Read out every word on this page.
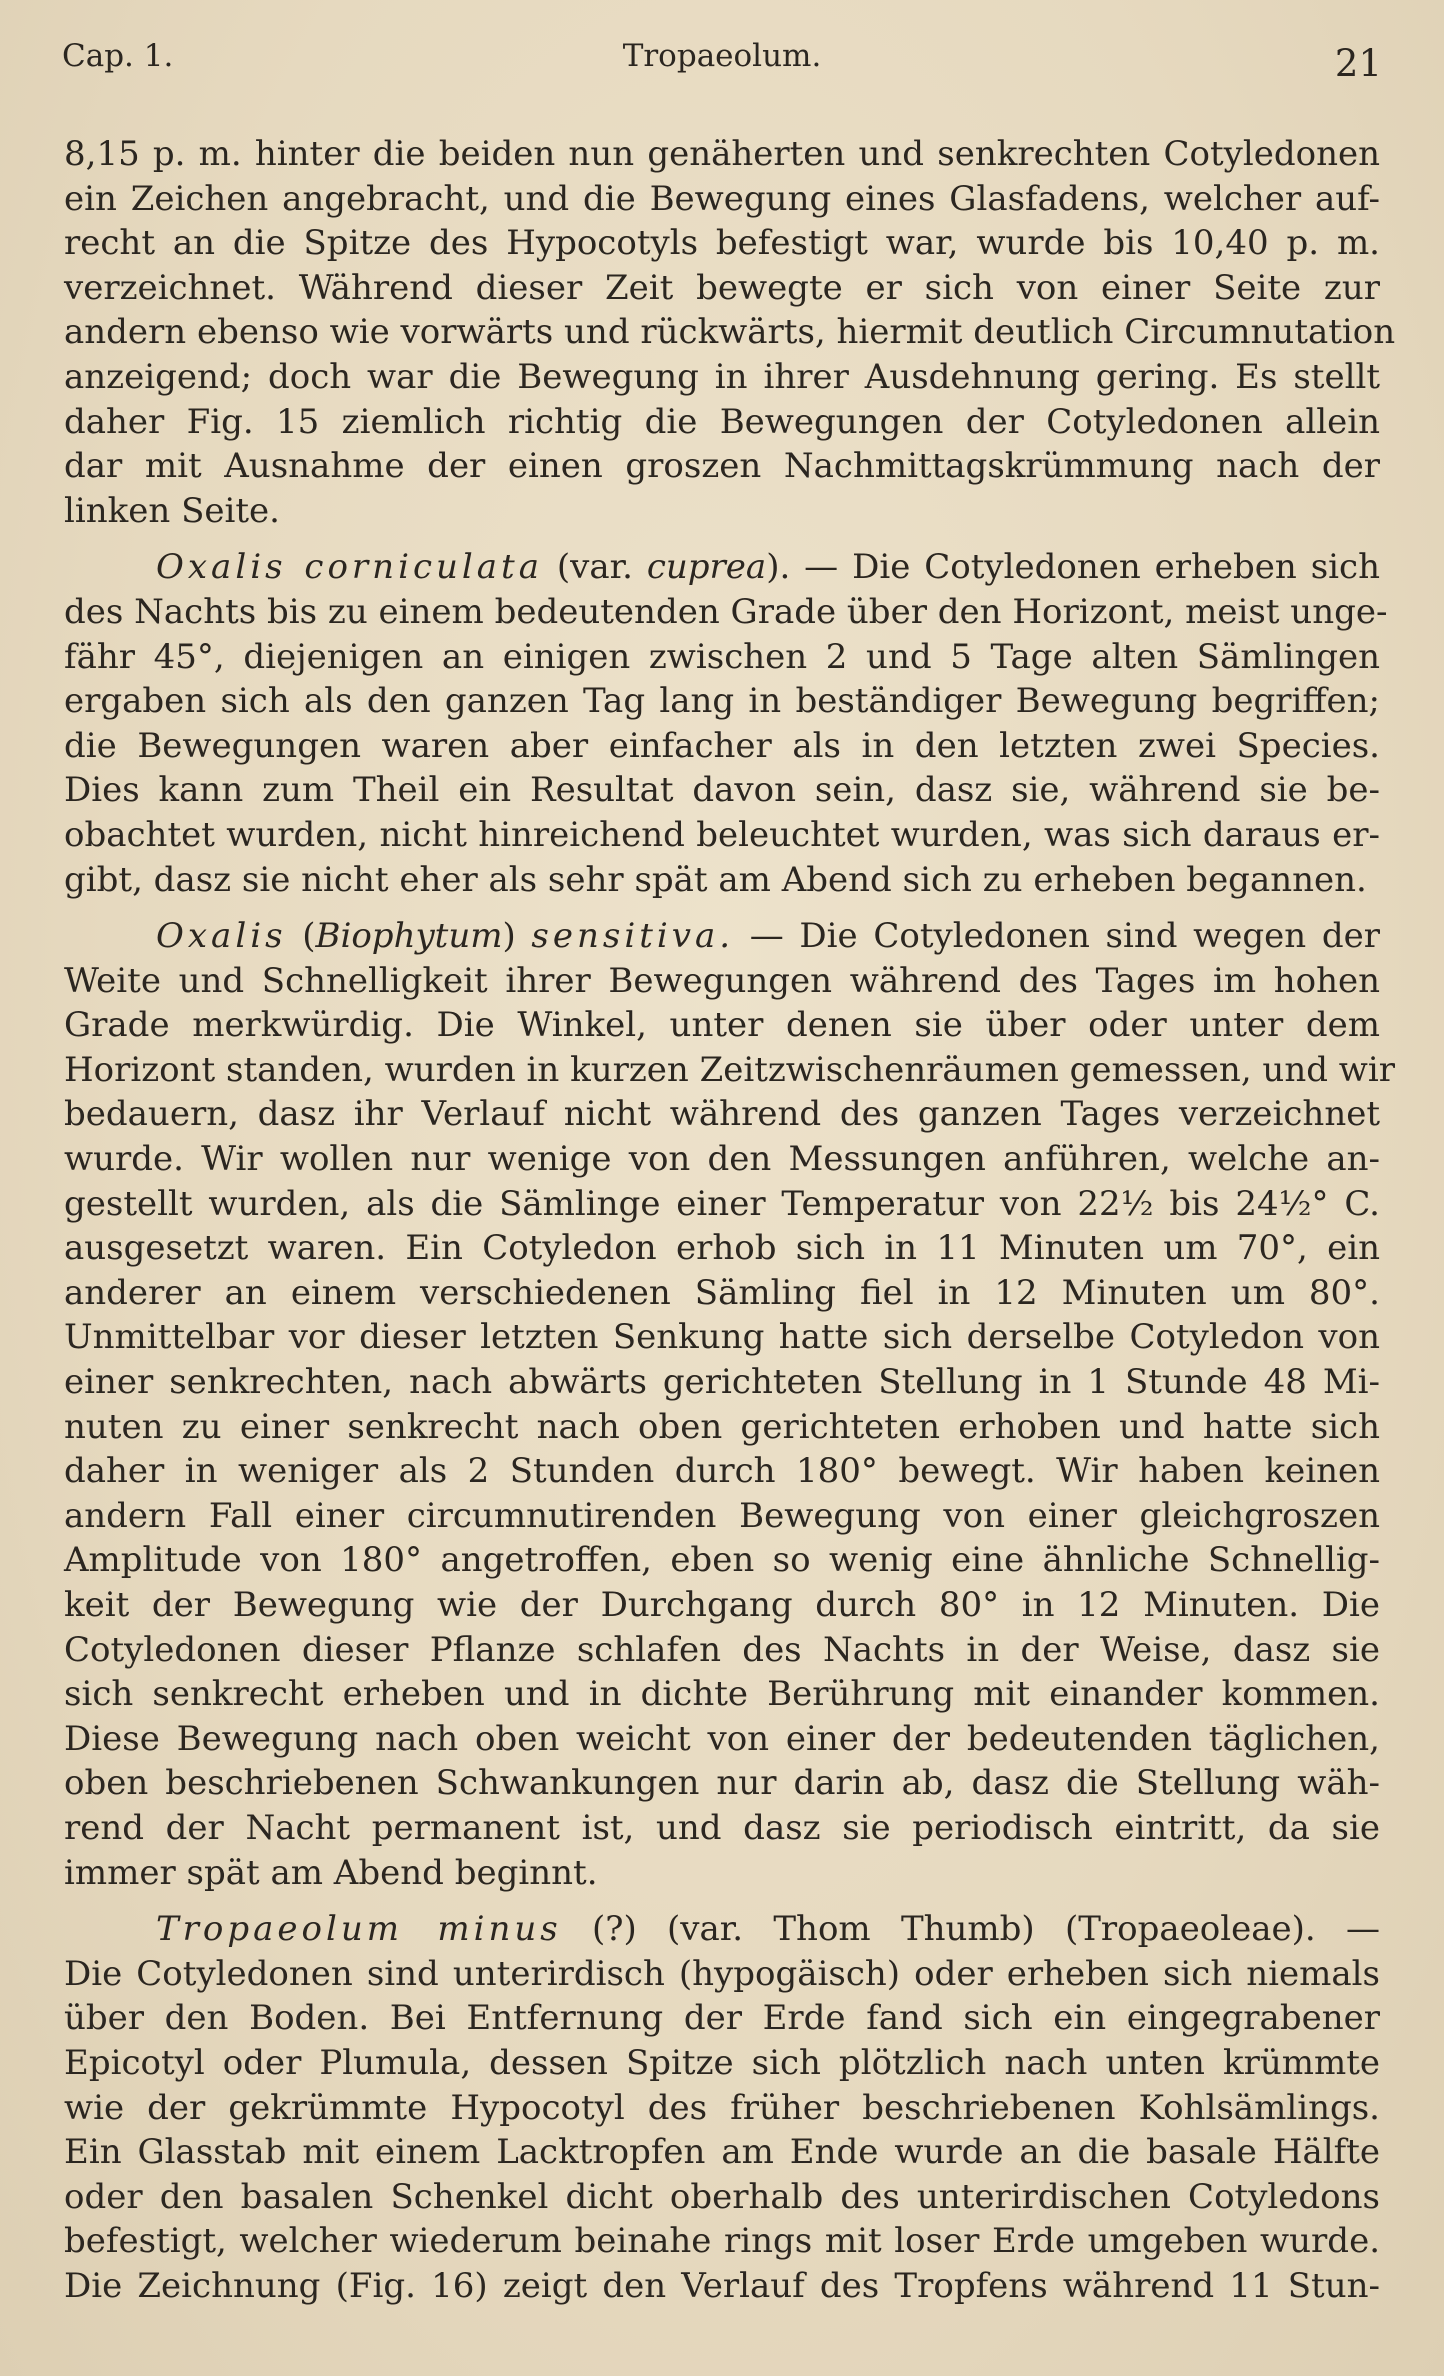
Cap. 1.	Tropaeolum.	21
8,15 p. m. hinter die beiden nun genäherten und senkrechten Cotyledonen
ein Zeichen angebracht, und die Bewegung eines Glasfadens, welcher auf-
recht an die Spitze des Hypocotyls befestigt war, wurde bis 10,40 p. m.
verzeichnet. Während dieser Zeit bewegte er sich von einer Seite zur
andern ebenso wie vorwärts und rückwärts, hiermit deutlich Circumnutation
anzeigend; doch war die Bewegung in ihrer Ausdehnung gering. Es stellt
daher Fig. 15 ziemlich richtig die Bewegungen der Cotyledonen allein
dar mit Ausnahme der einen groszen Nachmittagskrümmung nach der
linken Seite.
Oxalis corniculata (var. cuprea). — Die Cotyledonen erheben sich
des Nachts bis zu einem bedeutenden Grade über den Horizont, meist unge-
fähr 45°, diejenigen an einigen zwischen 2 und 5 Tage alten Sämlingen
ergaben sich als den ganzen Tag lang in beständiger Bewegung begriffen;
die Bewegungen waren aber einfacher als in den letzten zwei Species.
Dies kann zum Theil ein Resultat davon sein, dasz sie, während sie be-
obachtet wurden, nicht hinreichend beleuchtet wurden, was sich daraus er-
gibt, dasz sie nicht eher als sehr spät am Abend sich zu erheben begannen.
Oxalis (Biophytum) sensitiva. — Die Cotyledonen sind wegen der
Weite und Schnelligkeit ihrer Bewegungen während des Tages im hohen
Grade merkwürdig. Die Winkel, unter denen sie über oder unter dem
Horizont standen, wurden in kurzen Zeitzwischenräumen gemessen, und wir
bedauern, dasz ihr Verlauf nicht während des ganzen Tages verzeichnet
wurde. Wir wollen nur wenige von den Messungen anführen, welche an-
gestellt wurden, als die Sämlinge einer Temperatur von 22½ bis 24½° C.
ausgesetzt waren. Ein Cotyledon erhob sich in 11 Minuten um 70°, ein
anderer an einem verschiedenen Sämling fiel in 12 Minuten um 80°.
Unmittelbar vor dieser letzten Senkung hatte sich derselbe Cotyledon von
einer senkrechten, nach abwärts gerichteten Stellung in 1 Stunde 48 Mi-
nuten zu einer senkrecht nach oben gerichteten erhoben und hatte sich
daher in weniger als 2 Stunden durch 180° bewegt. Wir haben keinen
andern Fall einer circumnutirenden Bewegung von einer gleichgroszen
Amplitude von 180° angetroffen, eben so wenig eine ähnliche Schnellig-
keit der Bewegung wie der Durchgang durch 80° in 12 Minuten. Die
Cotyledonen dieser Pflanze schlafen des Nachts in der Weise, dasz sie
sich senkrecht erheben und in dichte Berührung mit einander kommen.
Diese Bewegung nach oben weicht von einer der bedeutenden täglichen,
oben beschriebenen Schwankungen nur darin ab, dasz die Stellung wäh-
rend der Nacht permanent ist, und dasz sie periodisch eintritt, da sie
immer spät am Abend beginnt.
Tropaeolum minus (?) (var. Thom Thumb) (Tropaeoleae). —
Die Cotyledonen sind unterirdisch (hypogäisch) oder erheben sich niemals
über den Boden. Bei Entfernung der Erde fand sich ein eingegrabener
Epicotyl oder Plumula, dessen Spitze sich plötzlich nach unten krümmte
wie der gekrümmte Hypocotyl des früher beschriebenen Kohlsämlings.
Ein Glasstab mit einem Lacktropfen am Ende wurde an die basale Hälfte
oder den basalen Schenkel dicht oberhalb des unterirdischen Cotyledons
befestigt, welcher wiederum beinahe rings mit loser Erde umgeben wurde.
Die Zeichnung (Fig. 16) zeigt den Verlauf des Tropfens während 11 Stun-
